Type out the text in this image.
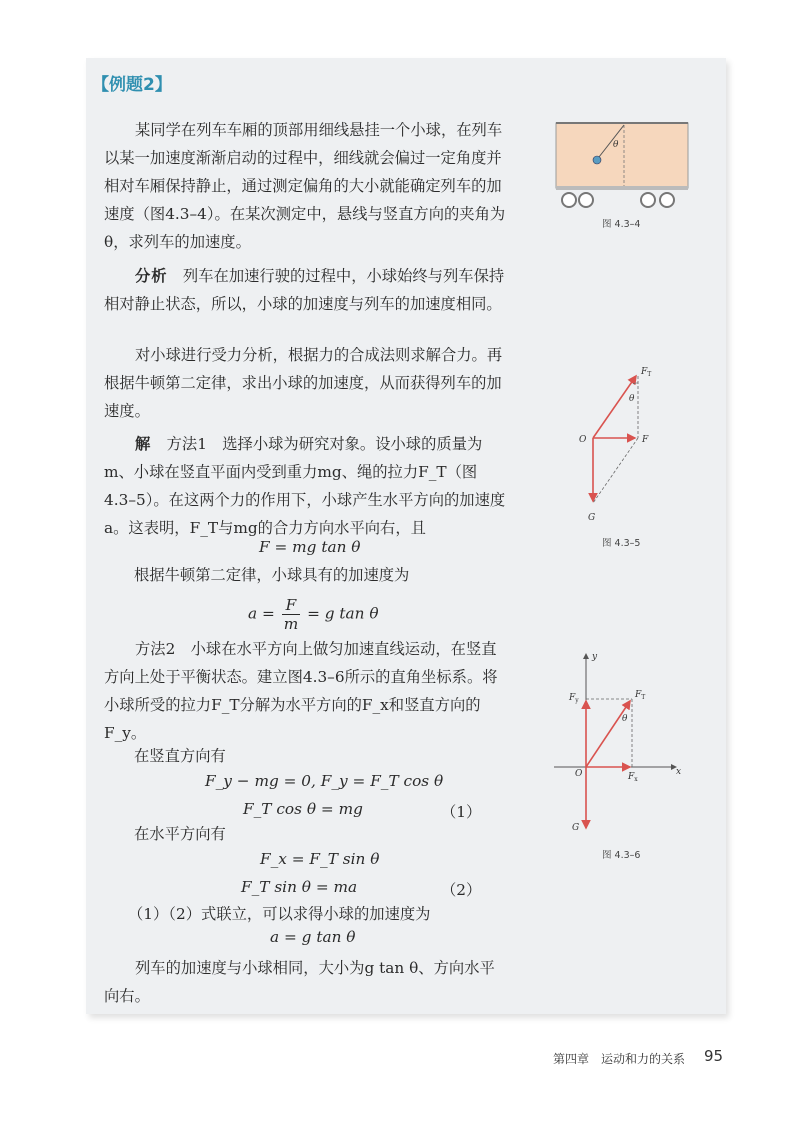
【例题2】
某同学在列车车厢的顶部用细线悬挂一个小球，在列车以某一加速度渐渐启动的过程中，细线就会偏过一定角度并相对车厢保持静止，通过测定偏角的大小就能确定列车的加速度（图4.3–4）。在某次测定中，悬线与竖直方向的夹角为θ，求列车的加速度。
分析　 列车在加速行驶的过程中，小球始终与列车保持相对静止状态，所以，小球的加速度与列车的加速度相同。
对小球进行受力分析，根据力的合成法则求解合力。再根据牛顿第二定律，求出小球的加速度，从而获得列车的加速度。
解　 方法1　选择小球为研究对象。设小球的质量为m、小球在竖直平面内受到重力mg、绳的拉力F_T（图4.3–5）。在这两个力的作用下，小球产生水平方向的加速度a。这表明，F_T与mg的合力方向水平向右，且
F = mg tan θ
根据牛顿第二定律，小球具有的加速度为
$a = \frac{F}{m} = g$ tan θ
方法2　小球在水平方向上做匀加速直线运动，在竖直方向上处于平衡状态。建立图4.3–6所示的直角坐标系。将小球所受的拉力F_T分解为水平方向的F_x和竖直方向的F_y。
在竖直方向有
F_y − mg = 0, F_y = F_T cos θ
F_T cos θ = mg	（1）
在水平方向有
F_x = F_T sin θ
F_T sin θ = ma	（2）
（1）（2）式联立，可以求得小球的加速度为
a = g tan θ
列车的加速度与小球相同，大小为g tan θ、方向水平向右。
θ
图 4.3–4
θ
$F_T$
O	F
G
图 4.3–5
y
x
$F_y$
$F_T$
θ
O	$F_x$
G
图 4.3–6
第四章　运动和力的关系 95
